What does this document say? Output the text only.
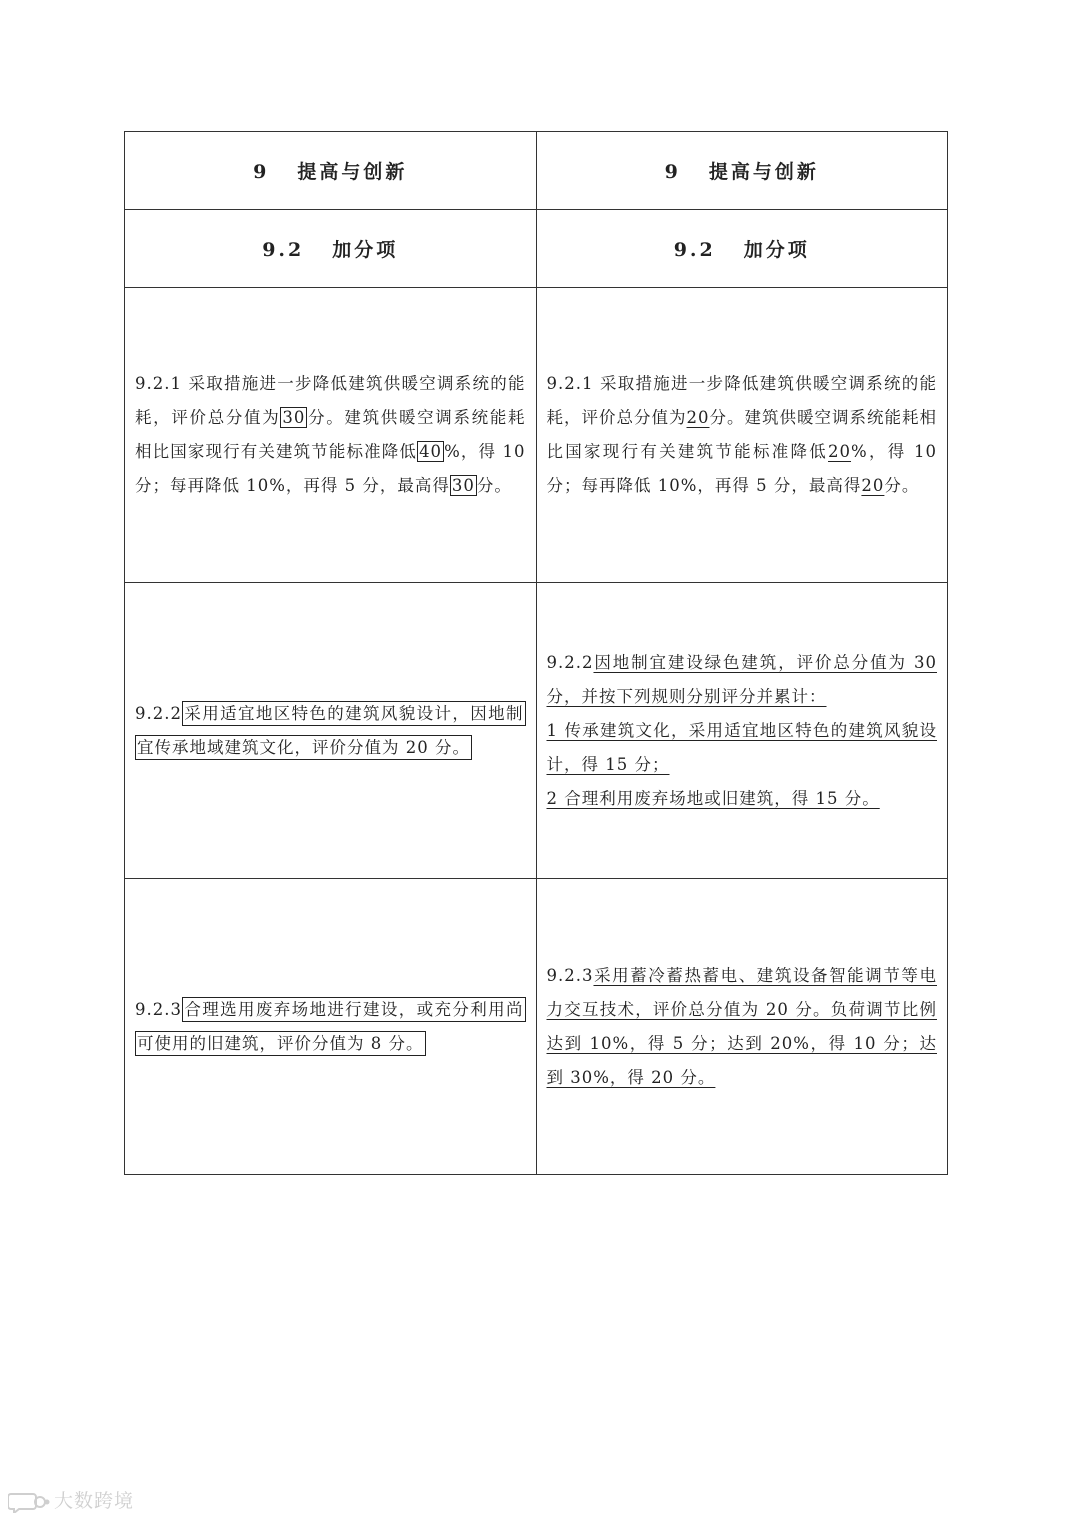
9 提高与创新	9 提高与创新
9.2 加分项	9.2 加分项

9.2.1 采取措施进一步降低建筑供暖空调系统的能耗，评价总分值为 30 分。建筑供暖空调系统能耗相比国家现行有关建筑节能标准降低 40 %，得 10 分；每再降低 10%，再得 5 分，最高得 30 分。	9.2.1 采取措施进一步降低建筑供暖空调系统的能耗，评价总分值为20分。建筑供暖空调系统能耗相比国家现行有关建筑节能标准降低20%，得 10 分；每再降低 10%，再得 5 分，最高得20分。

9.2.2 采用适宜地区特色的建筑风貌设计，因地制宜传承地域建筑文化，评价分值为 20 分。	9.2.2因地制宜建设绿色建筑，评价总分值为 30 分，并按下列规则分别评分并累计：
1 传承建筑文化，采用适宜地区特色的建筑风貌设计，得 15 分；
2 合理利用废弃场地或旧建筑，得 15 分。

9.2.3 合理选用废弃场地进行建设，或充分利用尚可使用的旧建筑，评价分值为 8 分。	9.2.3采用蓄冷蓄热蓄电、建筑设备智能调节等电力交互技术，评价总分值为 20 分。负荷调节比例达到 10%，得 5 分；达到 20%，得 10 分；达到 30%，得 20 分。
大数跨境
